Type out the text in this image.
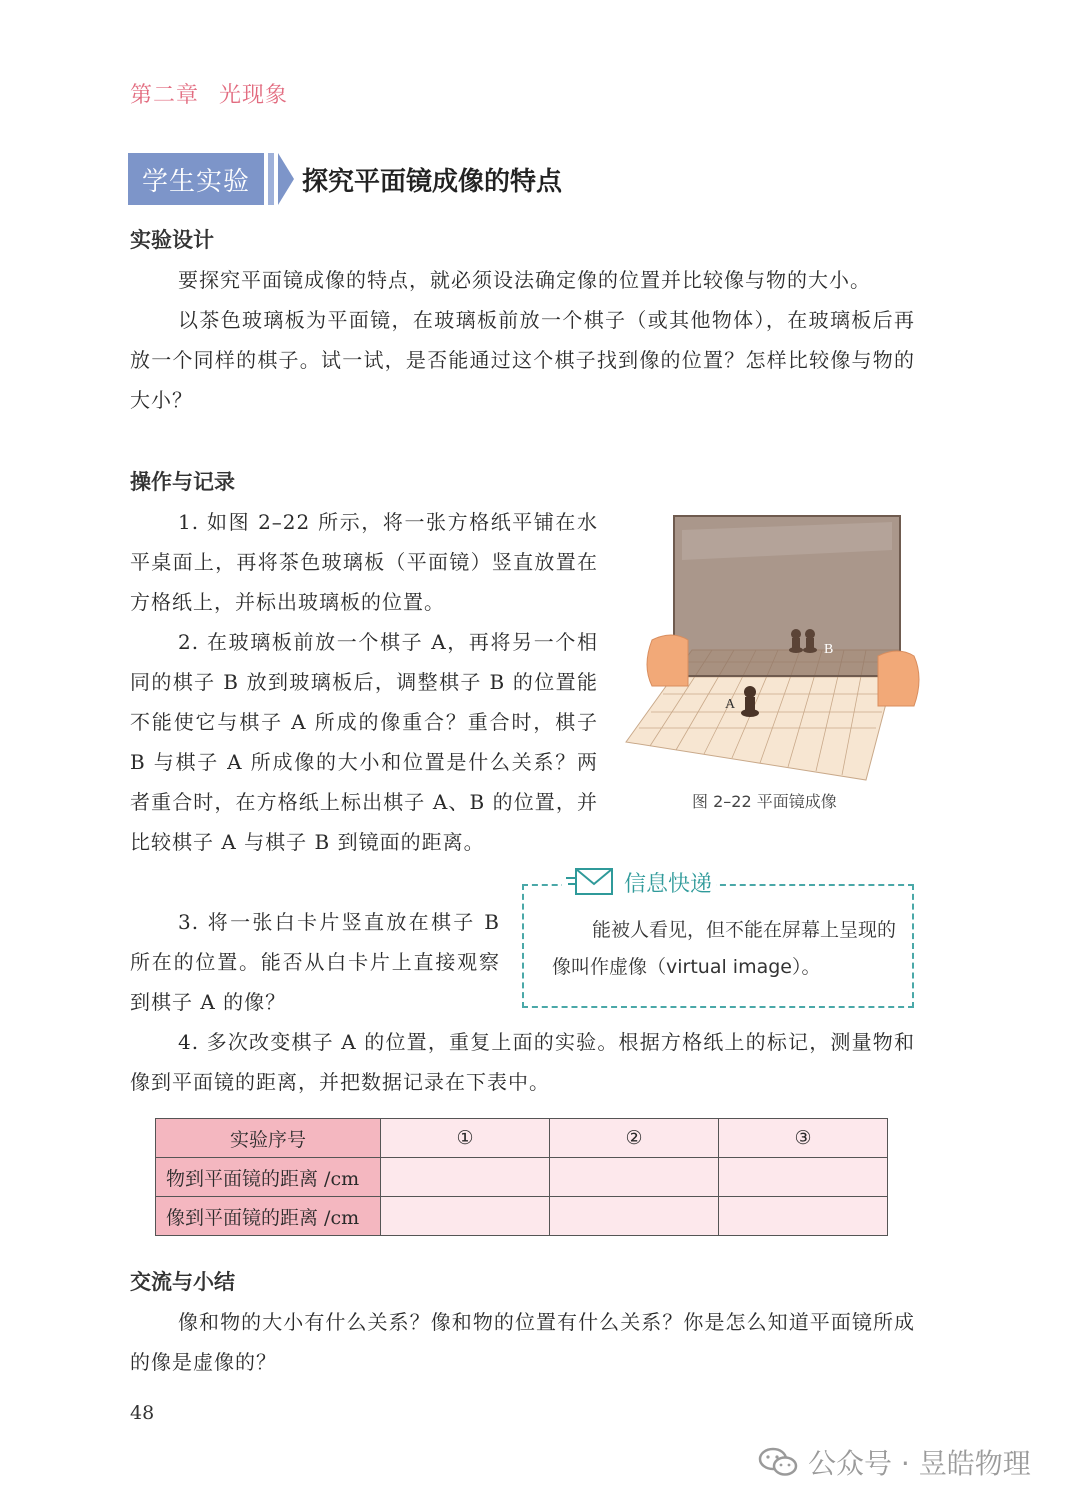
第二章 光现象
学生实验	探究平面镜成像的特点
实验设计
要探究平面镜成像的特点，就必须设法确定像的位置并比较像与物的大小。
以茶色玻璃板为平面镜，在玻璃板前放一个棋子（或其他物体），在玻璃板后再放一个同样的棋子。试一试，是否能通过这个棋子找到像的位置？怎样比较像与物的大小？
操作与记录
1. 如图 2–22 所示，将一张方格纸平铺在水平桌面上，再将茶色玻璃板（平面镜）竖直放置在方格纸上，并标出玻璃板的位置。
2. 在玻璃板前放一个棋子 A，再将另一个相同的棋子 B 放到玻璃板后，调整棋子 B 的位置能不能使它与棋子 A 所成的像重合？重合时，棋子 B 与棋子 A 所成像的大小和位置是什么关系？两者重合时，在方格纸上标出棋子 A、B 的位置，并比较棋子 A 与棋子 B 到镜面的距离。
3. 将一张白卡片竖直放在棋子 B 所在的位置。能否从白卡片上直接观察到棋子 A 的像？
4. 多次改变棋子 A 的位置，重复上面的实验。根据方格纸上的标记，测量物和像到平面镜的距离，并把数据记录在下表中。
B
A
图 2–22 平面镜成像
信息快递
能被人看见，但不能在屏幕上呈现的像叫作虚像（virtual image）。
实验序号	①	②	③
物到平面镜的距离 /cm			
像到平面镜的距离 /cm			
交流与小结
像和物的大小有什么关系？像和物的位置有什么关系？你是怎么知道平面镜所成的像是虚像的？
48
公众号 · 昱皓物理
